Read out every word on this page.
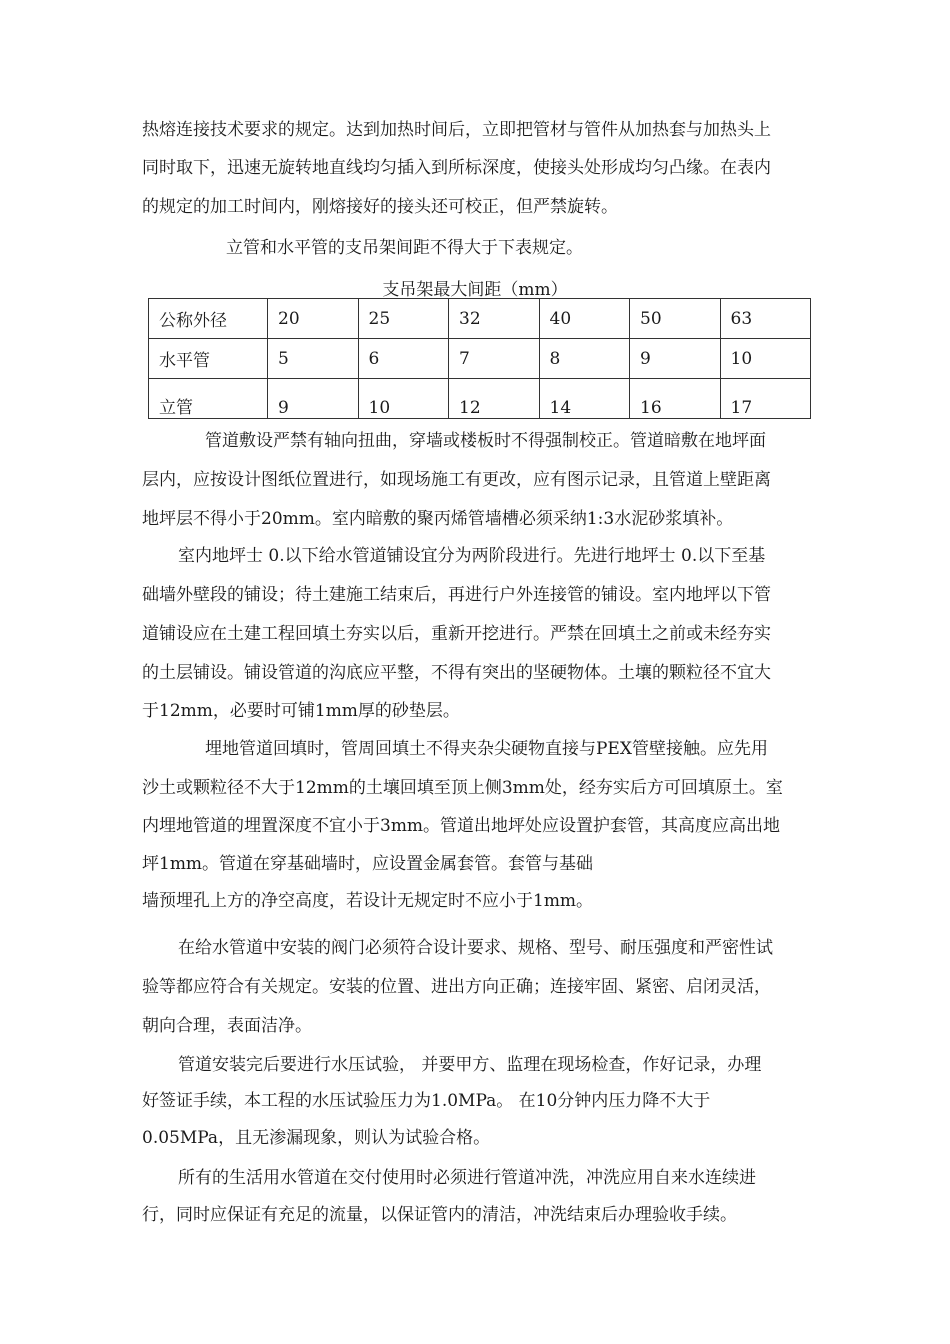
热熔连接技术要求的规定。达到加热时间后，立即把管材与管件从加热套与加热头上
同时取下，迅速无旋转地直线均匀插入到所标深度，使接头处形成均匀凸缘。在表内
的规定的加工时间内，刚熔接好的接头还可校正，但严禁旋转。
立管和水平管的支吊架间距不得大于下表规定。
支吊架最大间距（mm）
公称外径	20	25	32	40	50	63
水平管	5	6	7	8	9	10
立管	9	10	12	14	16	17
管道敷设严禁有轴向扭曲，穿墙或楼板时不得强制校正。管道暗敷在地坪面
层内，应按设计图纸位置进行，如现场施工有更改，应有图示记录，且管道上壁距离
地坪层不得小于20mm。室内暗敷的聚丙烯管墙槽必须采纳1:3水泥砂浆填补。
室内地坪士 0.以下给水管道铺设宜分为两阶段进行。先进行地坪士 0.以下至基
础墙外壁段的铺设；待土建施工结束后，再进行户外连接管的铺设。室内地坪以下管
道铺设应在土建工程回填土夯实以后，重新开挖进行。严禁在回填土之前或未经夯实
的土层铺设。铺设管道的沟底应平整，不得有突出的坚硬物体。土壤的颗粒径不宜大
于12mm，必要时可铺1mm厚的砂垫层。
埋地管道回填时，管周回填土不得夹杂尖硬物直接与PEX管壁接触。应先用
沙土或颗粒径不大于12mm的土壤回填至顶上侧3mm处，经夯实后方可回填原土。室
内埋地管道的埋置深度不宜小于3mm。管道出地坪处应设置护套管，其高度应高出地
坪1mm。管道在穿基础墙时，应设置金属套管。套管与基础
墙预埋孔上方的净空高度，若设计无规定时不应小于1mm。
在给水管道中安装的阀门必须符合设计要求、规格、型号、耐压强度和严密性试
验等都应符合有关规定。安装的位置、进出方向正确；连接牢固、紧密、启闭灵活，
朝向合理，表面洁净。
管道安装完后要进行水压试验， 并要甲方、监理在现场检查，作好记录，办理
好签证手续，本工程的水压试验压力为1.0MPa。 在10分钟内压力降不大于
0.05MPa，且无渗漏现象，则认为试验合格。
所有的生活用水管道在交付使用时必须进行管道冲洗，冲洗应用自来水连续进
行，同时应保证有充足的流量，以保证管内的清洁，冲洗结束后办理验收手续。
